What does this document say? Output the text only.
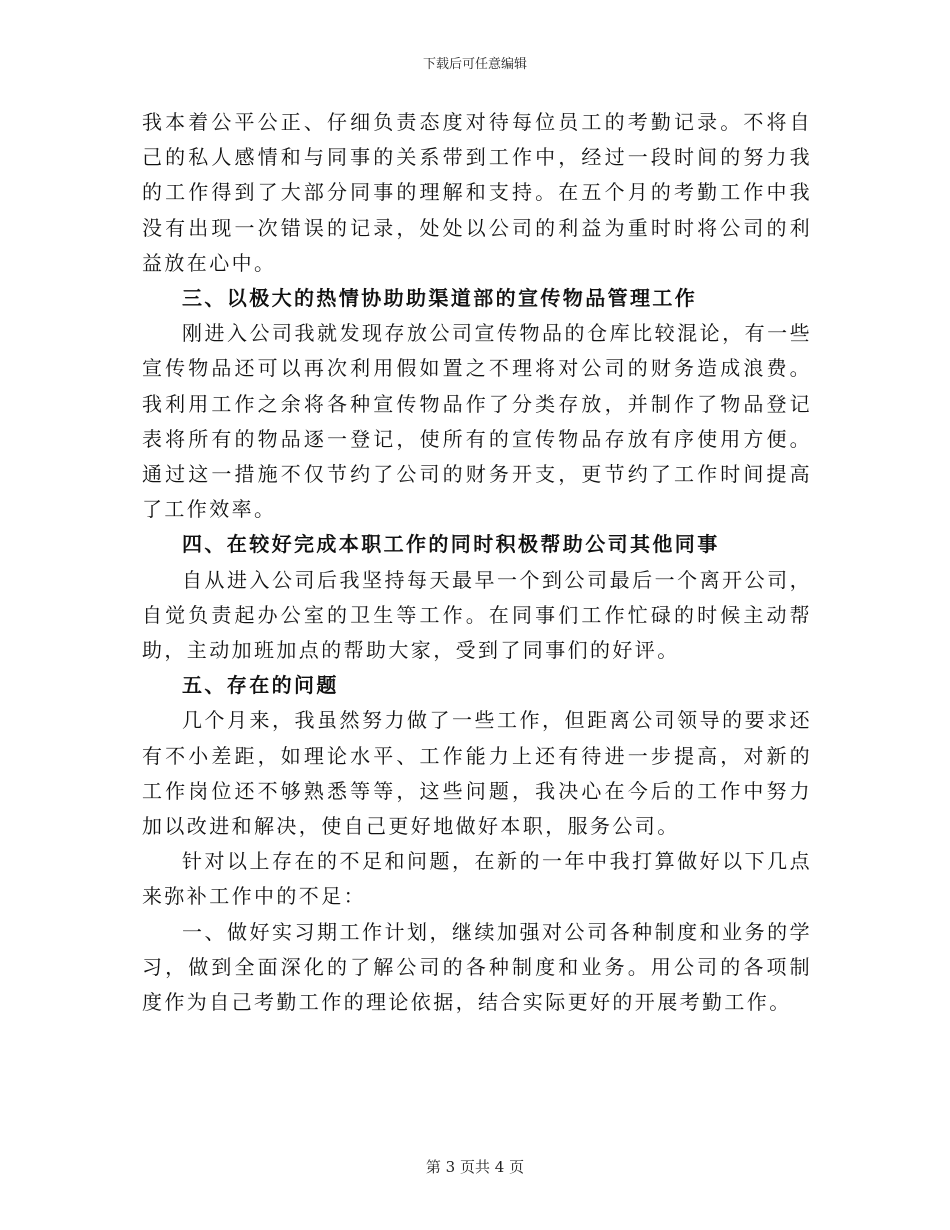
下载后可任意编辑

我本着公平公正、仔细负责态度对待每位员工的考勤记录。不将自己的私人感情和与同事的关系带到工作中，经过一段时间的努力我的工作得到了大部分同事的理解和支持。在五个月的考勤工作中我没有出现一次错误的记录，处处以公司的利益为重时时将公司的利益放在心中。

三、以极大的热情协助助渠道部的宣传物品管理工作

刚进入公司我就发现存放公司宣传物品的仓库比较混论，有一些宣传物品还可以再次利用假如置之不理将对公司的财务造成浪费。我利用工作之余将各种宣传物品作了分类存放，并制作了物品登记表将所有的物品逐一登记，使所有的宣传物品存放有序使用方便。通过这一措施不仅节约了公司的财务开支，更节约了工作时间提高了工作效率。

四、在较好完成本职工作的同时积极帮助公司其他同事

自从进入公司后我坚持每天最早一个到公司最后一个离开公司，自觉负责起办公室的卫生等工作。在同事们工作忙碌的时候主动帮助，主动加班加点的帮助大家，受到了同事们的好评。

五、存在的问题

几个月来，我虽然努力做了一些工作，但距离公司领导的要求还有不小差距，如理论水平、工作能力上还有待进一步提高，对新的工作岗位还不够熟悉等等，这些问题，我决心在今后的工作中努力加以改进和解决，使自己更好地做好本职，服务公司。

针对以上存在的不足和问题，在新的一年中我打算做好以下几点来弥补工作中的不足：

一、做好实习期工作计划，继续加强对公司各种制度和业务的学习，做到全面深化的了解公司的各种制度和业务。用公司的各项制度作为自己考勤工作的理论依据，结合实际更好的开展考勤工作。

第 3 页共 4 页
